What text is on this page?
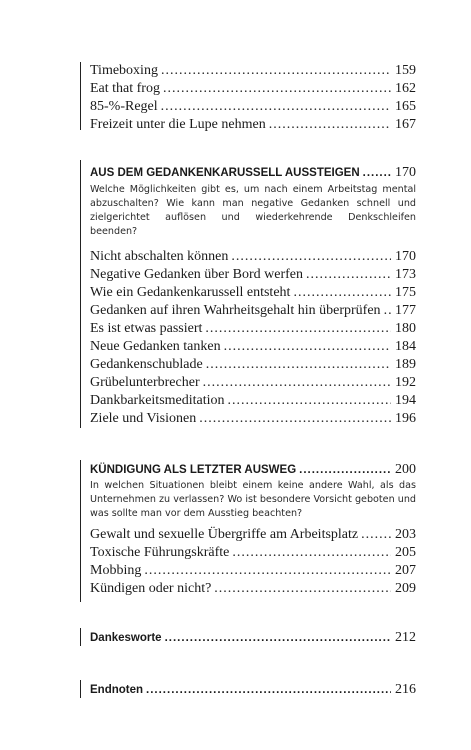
Timeboxing .....	159
Eat that frog .....	162
85-%-Regel .....	165
Freizeit unter die Lupe nehmen .....	167
AUS DEM GEDANKENKARUSSELL AUSSTEIGEN .....	170
Welche Möglichkeiten gibt es, um nach einem Arbeitstag mental abzuschalten? Wie kann man negative Gedanken schnell und zielgerichtet auflösen und wiederkehrende Denkschleifen beenden?
Nicht abschalten können .....	170
Negative Gedanken über Bord werfen .....	173
Wie ein Gedankenkarussell entsteht .....	175
Gedanken auf ihren Wahrheitsgehalt hin überprüfen ..... 177
Es ist etwas passiert .....	180
Neue Gedanken tanken .....	184
Gedankenschublade .....	189
Grübelunterbrecher .....	192
Dankbarkeitsmeditation .....	194
Ziele und Visionen .....	196
KÜNDIGUNG ALS LETZTER AUSWEG .....	200
In welchen Situationen bleibt einem keine andere Wahl, als das Unternehmen zu verlassen? Wo ist besondere Vorsicht geboten und was sollte man vor dem Ausstieg beachten?
Gewalt und sexuelle Übergriffe am Arbeitsplatz .....	203
Toxische Führungskräfte .....	205
Mobbing .....	207
Kündigen oder nicht? .....	209
Dankesworte .....	212
Endnoten .....	216
